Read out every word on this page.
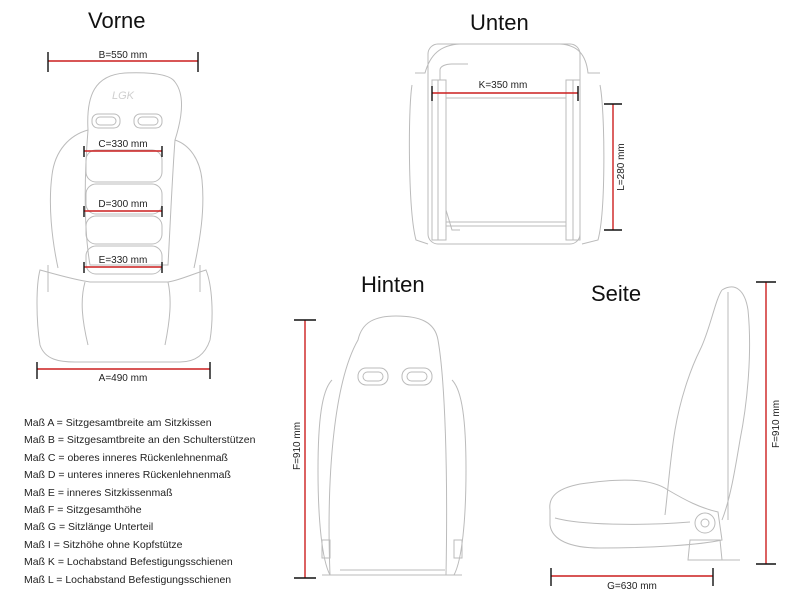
Vorne	Unten
Hinten	Seite
LGK
B=550 mm
C=330 mm
D=300 mm
E=330 mm
A=490 mm
K=350 mm
L=280 mm
F=910 mm	F=910 mm
G=630 mm
Maß A = Sitzgesamtbreite am Sitzkissen
Maß B = Sitzgesamtbreite an den Schulterstützen
Maß C = oberes inneres Rückenlehnenmaß
Maß D = unteres inneres Rückenlehnenmaß
Maß E = inneres Sitzkissenmaß
Maß F = Sitzgesamthöhe
Maß G = Sitzlänge Unterteil
Maß I = Sitzhöhe ohne Kopfstütze
Maß K = Lochabstand Befestigungsschienen
Maß L = Lochabstand Befestigungsschienen
